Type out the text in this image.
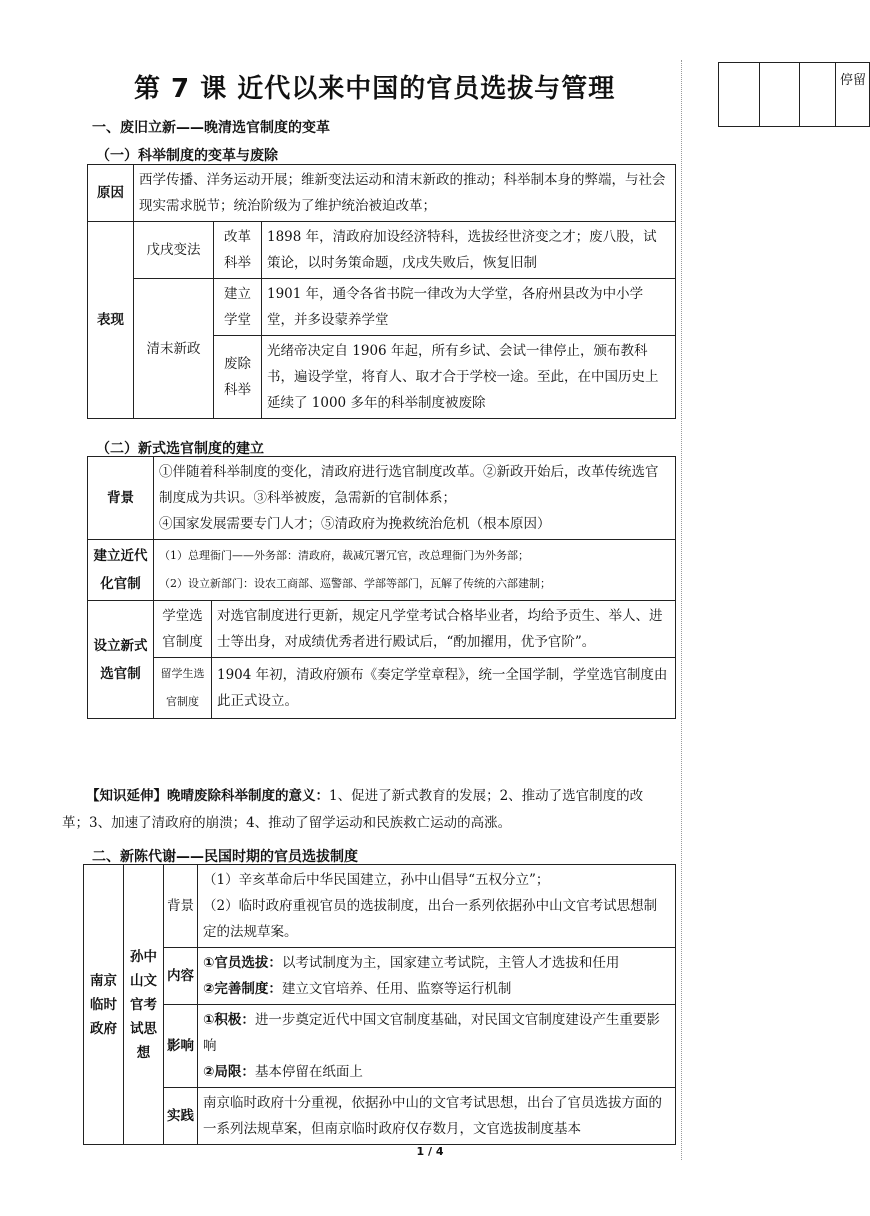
停留
第 7 课 近代以来中国的官员选拔与管理
一、废旧立新——晚清选官制度的变革
（一）科举制度的变革与废除
原因	西学传播、洋务运动开展；维新变法运动和清末新政的推动；科举制本身的弊端，与社会现实需求脱节；统治阶级为了维护统治被迫改革；		
表现	戊戌变法	改革科举	1898 年，清政府加设经济特科，选拔经世济变之才；废八股，试策论，以时务策命题，戊戌失败后，恢复旧制
	清末新政	建立学堂	1901 年，通令各省书院一律改为大学堂，各府州县改为中小学堂，并多设蒙养学堂
		废除科举	光绪帝决定自 1906 年起，所有乡试、会试一律停止，颁布教科书，遍设学堂，将育人、取才合于学校一途。至此，在中国历史上延续了 1000 多年的科举制度被废除
（二）新式选官制度的建立
背景	①伴随着科举制度的变化，清政府进行选官制度改革。②新政开始后，改革传统选官制度成为共识。③科举被废，急需新的官制体系；
④国家发展需要专门人才；⑤清政府为挽救统治危机（根本原因）	

建立近代化官制	（1）总理衙门——外务部：清政府，裁减冗署冗官，改总理衙门为外务部；
（2）设立新部门：设农工商部、巡警部、学部等部门，瓦解了传统的六部建制；	

设立新式选官制	学堂选官制度	对选官制度进行更新，规定凡学堂考试合格毕业者，均给予贡生、举人、进士等出身，对成绩优秀者进行殿试后，“酌加擢用，优予官阶”。
	留学生选官制度	1904 年初，清政府颁布《奏定学堂章程》，统一全国学制，学堂选官制度由此正式设立。
【知识延伸】晚晴废除科举制度的意义：1、促进了新式教育的发展；2、推动了选官制度的改革；3、加速了清政府的崩溃；4、推动了留学运动和民族救亡运动的高涨。
二、新陈代谢——民国时期的官员选拔制度
南京临时政府	孙中山文官考试思想	背景	（1）辛亥革命后中华民国建立，孙中山倡导“五权分立”；
（2）临时政府重视官员的选拔制度，出台一系列依据孙中山文官考试思想制定的法规草案。

		内容	①官员选拔：以考试制度为主，国家建立考试院，主管人才选拔和任用
②完善制度：建立文官培养、任用、监察等运行机制

		影响	①积极：进一步奠定近代中国文官制度基础，对民国文官制度建设产生重要影响
②局限：基本停留在纸面上

		实践	南京临时政府十分重视，依据孙中山的文官考试思想，出台了官员选拔方面的一系列法规草案，但南京临时政府仅存数月，文官选拔制度基本
1 / 4
